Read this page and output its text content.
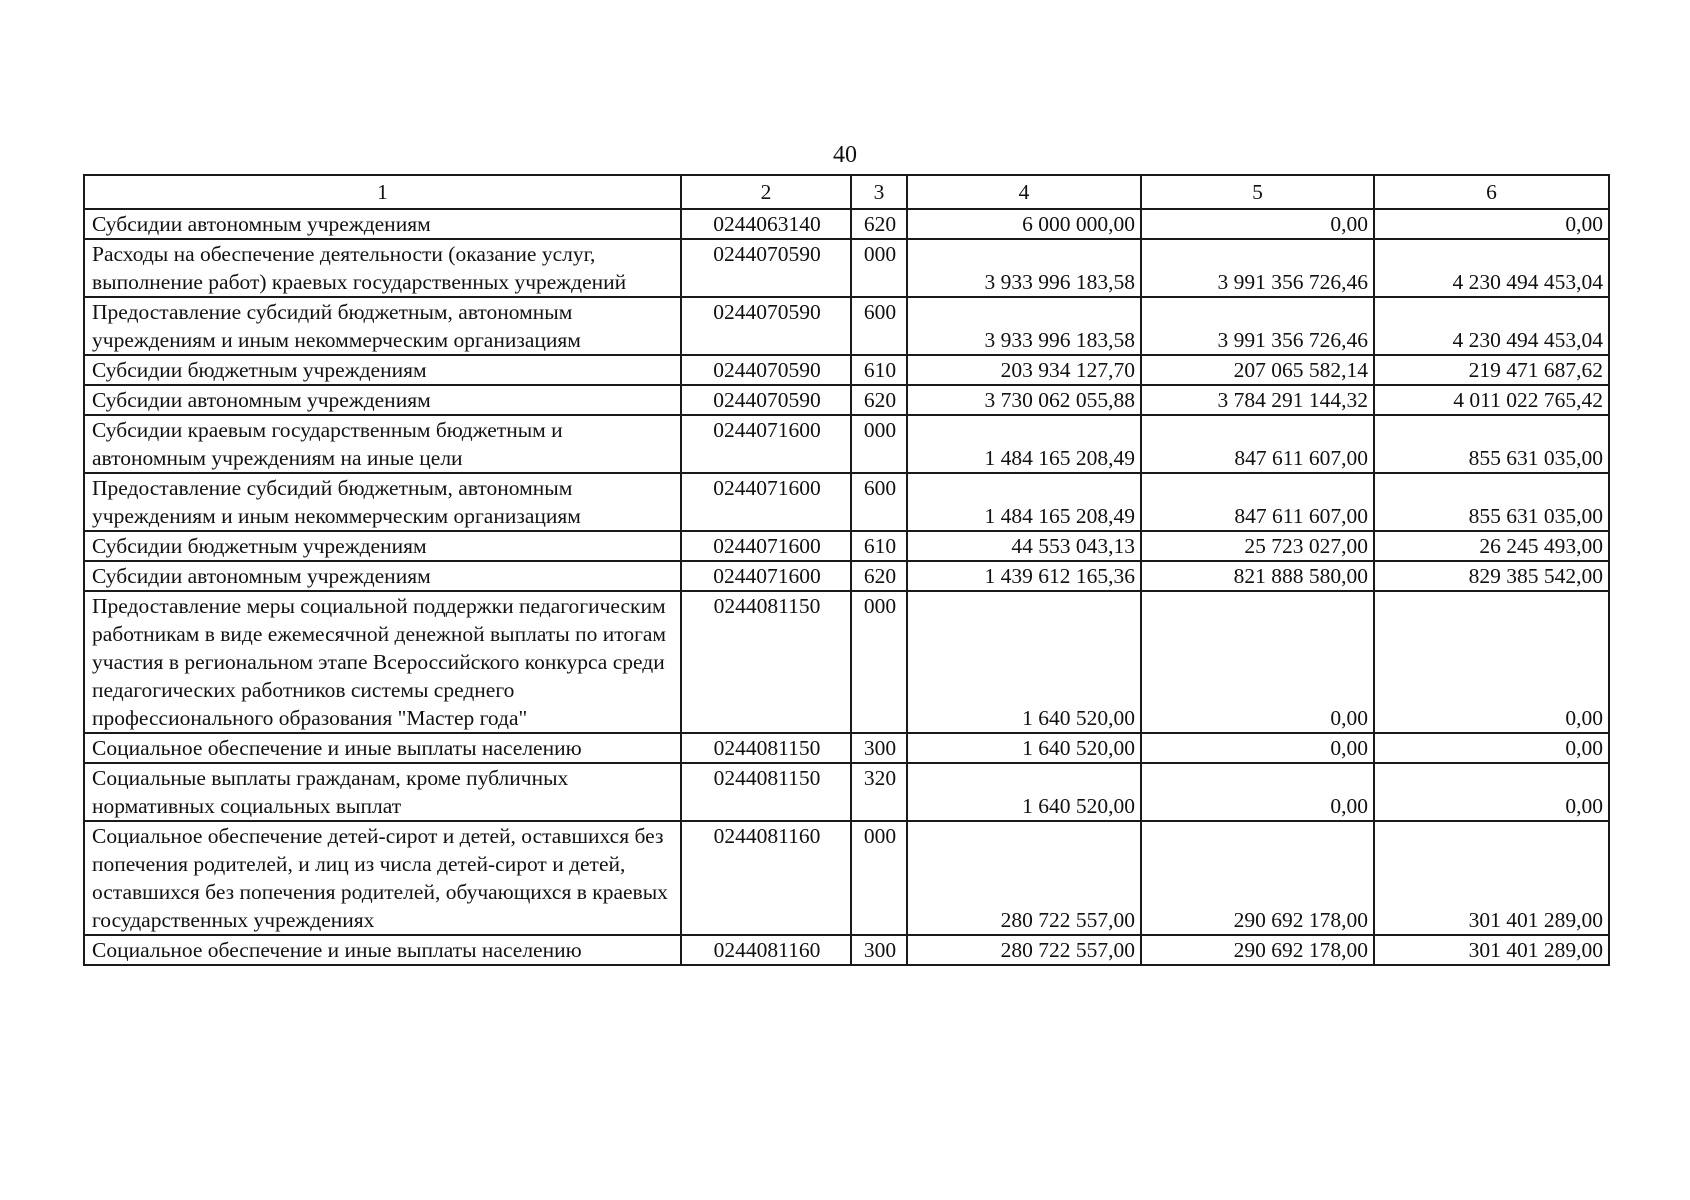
40
1	2	3	4	5	6
Субсидии автономным учреждениям	0244063140	620	6 000 000,00	0,00	0,00
Расходы на обеспечение деятельности (оказание услуг, выполнение работ) краевых государственных учреждений	0244070590	000	3 933 996 183,58	3 991 356 726,46	4 230 494 453,04
Предоставление субсидий бюджетным, автономным учреждениям и иным некоммерческим организациям	0244070590	600	3 933 996 183,58	3 991 356 726,46	4 230 494 453,04
Субсидии бюджетным учреждениям	0244070590	610	203 934 127,70	207 065 582,14	219 471 687,62
Субсидии автономным учреждениям	0244070590	620	3 730 062 055,88	3 784 291 144,32	4 011 022 765,42
Субсидии краевым государственным бюджетным и автономным учреждениям на иные цели	0244071600	000	1 484 165 208,49	847 611 607,00	855 631 035,00
Предоставление субсидий бюджетным, автономным учреждениям и иным некоммерческим организациям	0244071600	600	1 484 165 208,49	847 611 607,00	855 631 035,00
Субсидии бюджетным учреждениям	0244071600	610	44 553 043,13	25 723 027,00	26 245 493,00
Субсидии автономным учреждениям	0244071600	620	1 439 612 165,36	821 888 580,00	829 385 542,00
Предоставление меры социальной поддержки педагогическим работникам в виде ежемесячной денежной выплаты по итогам участия в региональном этапе Всероссийского конкурса среди педагогических работников системы среднего профессионального образования "Мастер года"	0244081150	000	1 640 520,00	0,00	0,00
Социальное обеспечение и иные выплаты населению	0244081150	300	1 640 520,00	0,00	0,00
Социальные выплаты гражданам, кроме публичных нормативных социальных выплат	0244081150	320	1 640 520,00	0,00	0,00
Социальное обеспечение детей-сирот и детей, оставшихся без попечения родителей, и лиц из числа детей-сирот и детей, оставшихся без попечения родителей, обучающихся в краевых государственных учреждениях	0244081160	000	280 722 557,00	290 692 178,00	301 401 289,00
Социальное обеспечение и иные выплаты населению	0244081160	300	280 722 557,00	290 692 178,00	301 401 289,00
